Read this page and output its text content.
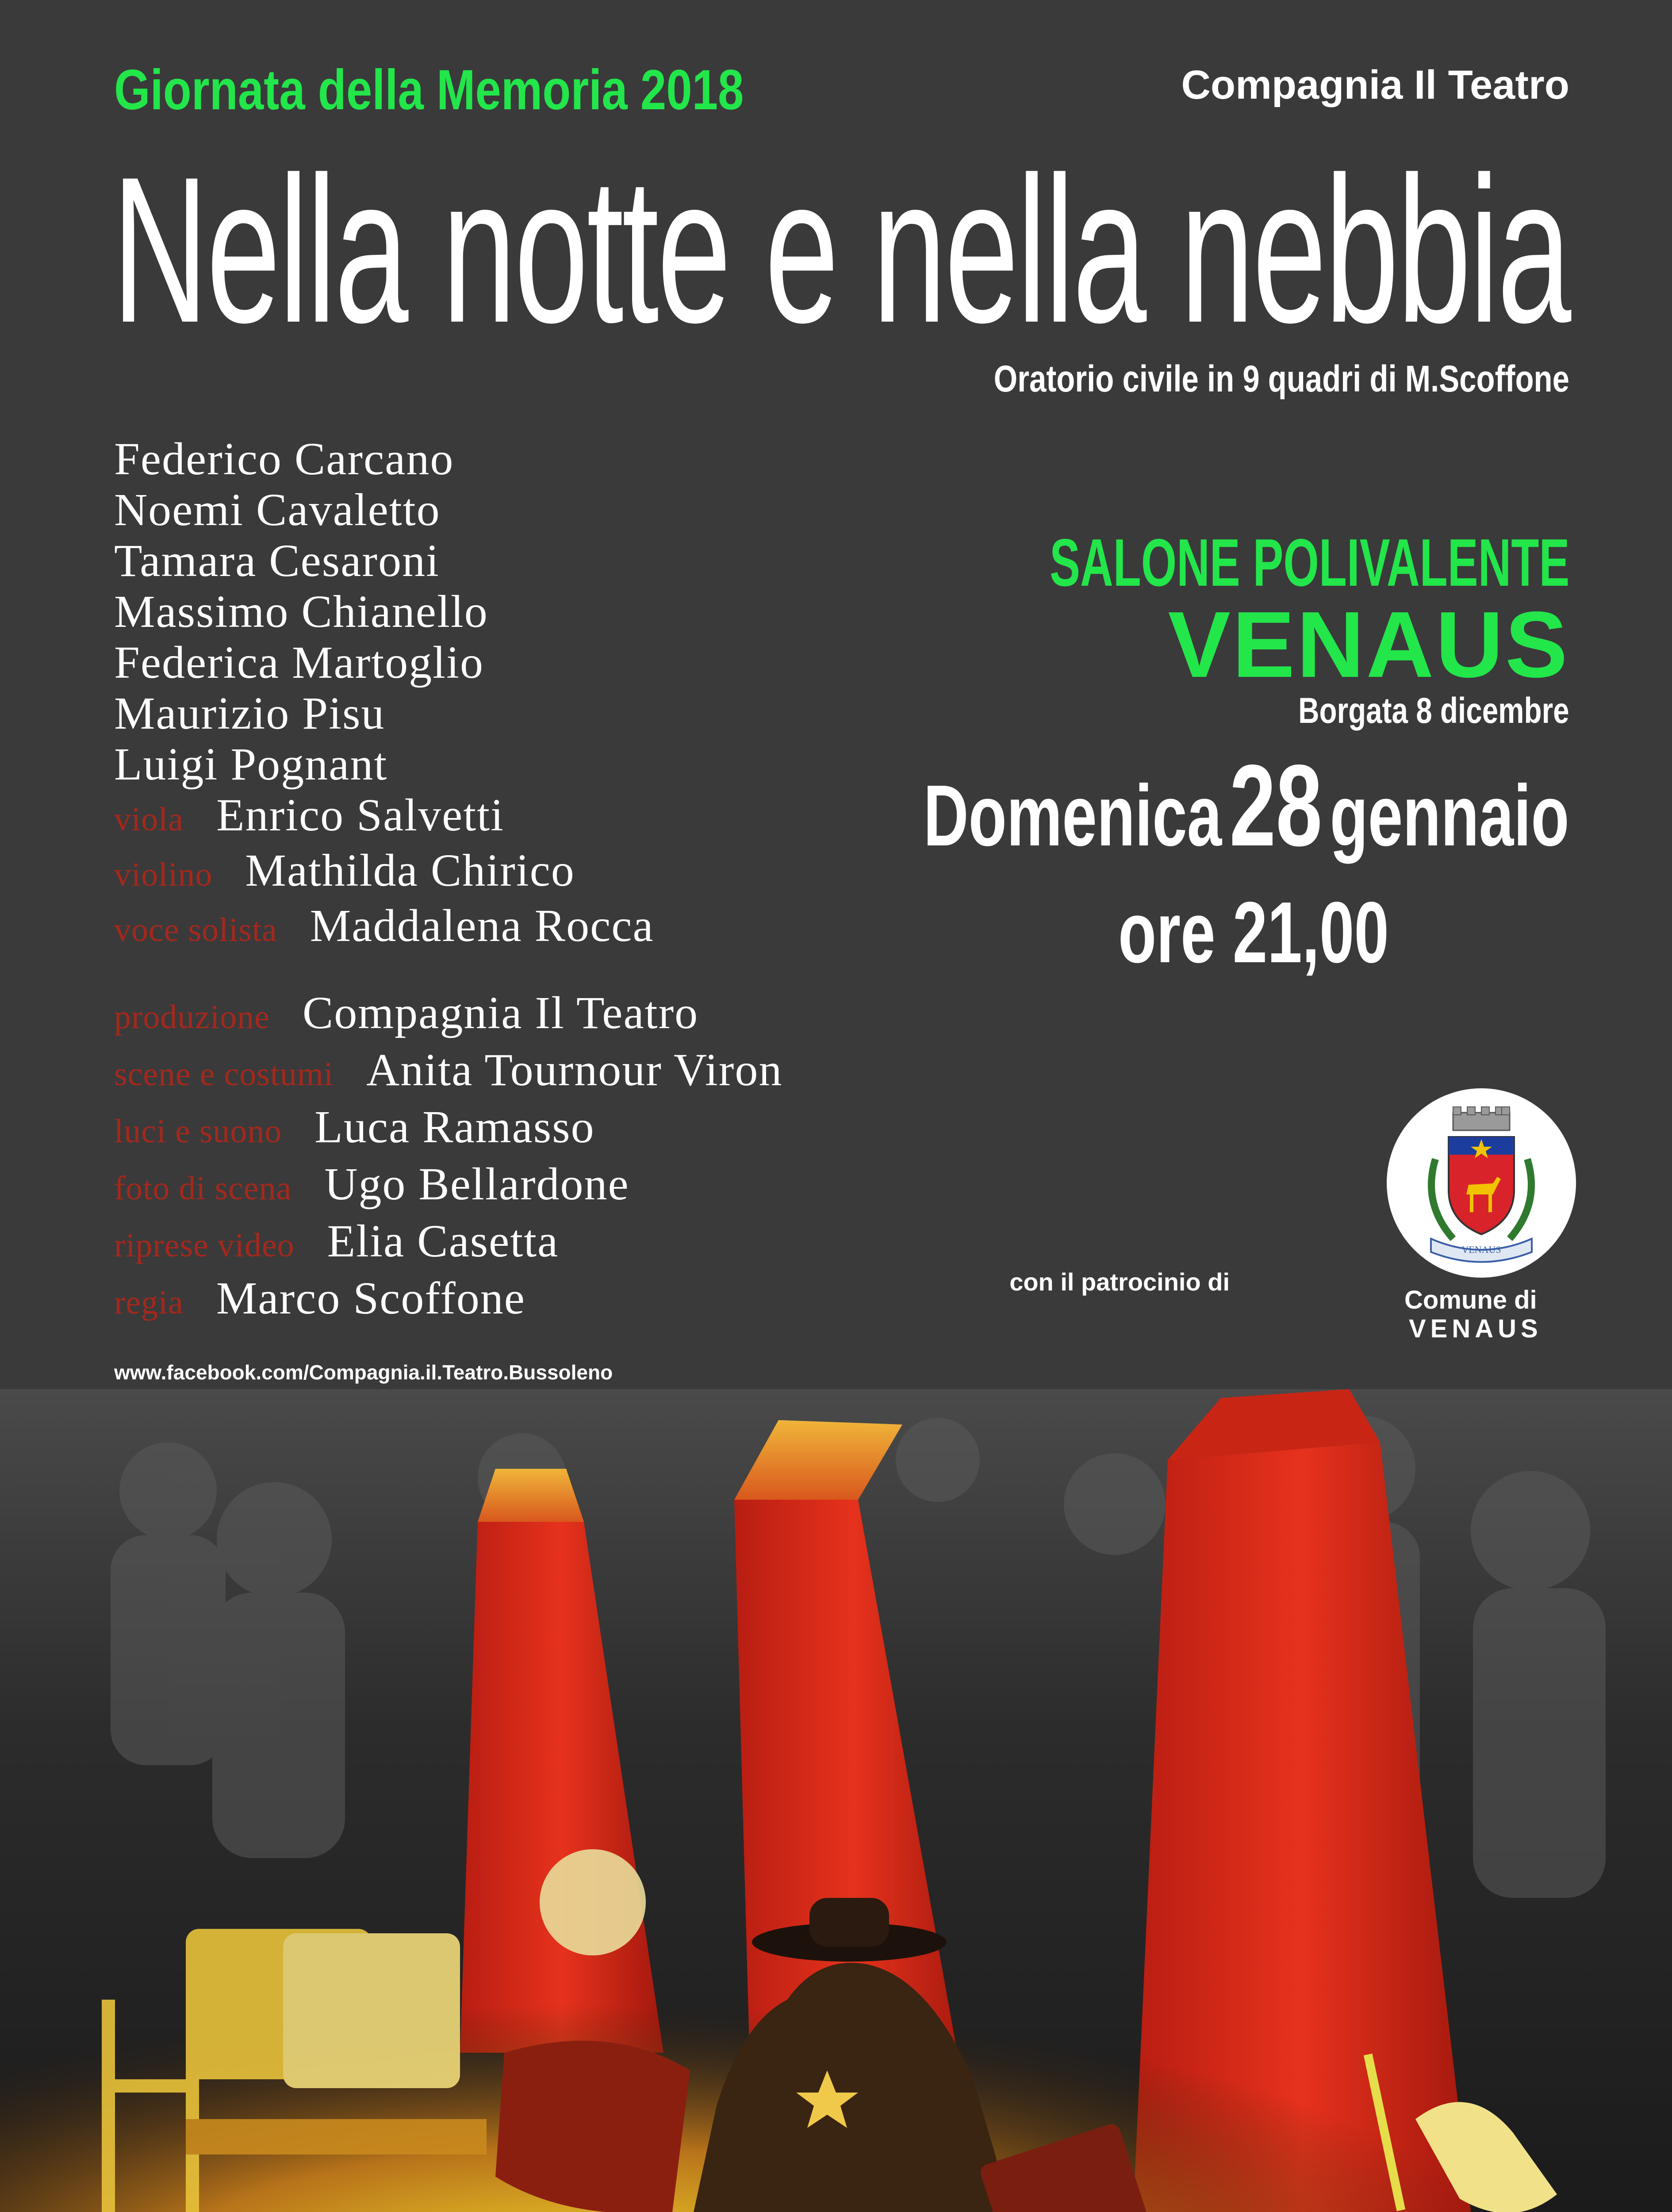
Giornata della Memoria 2018	Compagnia Il Teatro
Nella notte e nella nebbia
Oratorio civile in 9 quadri di M.Scoffone
Federico Carcano
Noemi Cavaletto
Tamara Cesaroni
Massimo Chianello
Federica Martoglio
Maurizio Pisu
Luigi Pognant
viola Enrico Salvetti
violino Mathilda Chirico
voce solista Maddalena Rocca
produzione Compagnia Il Teatro
scene e costumi Anita Tournour Viron
luci e suono Luca Ramasso
foto di scena Ugo Bellardone
riprese video Elia Casetta
regia Marco Scoffone
SALONE POLIVALENTE
VENAUS
Borgata 8 dicembre
Domenica28gennaio
ore 21,00
con il patrocinio di
VENAUS
Comune di
VENAUS
www.facebook.com/Compagnia.il.Teatro.Bussoleno
